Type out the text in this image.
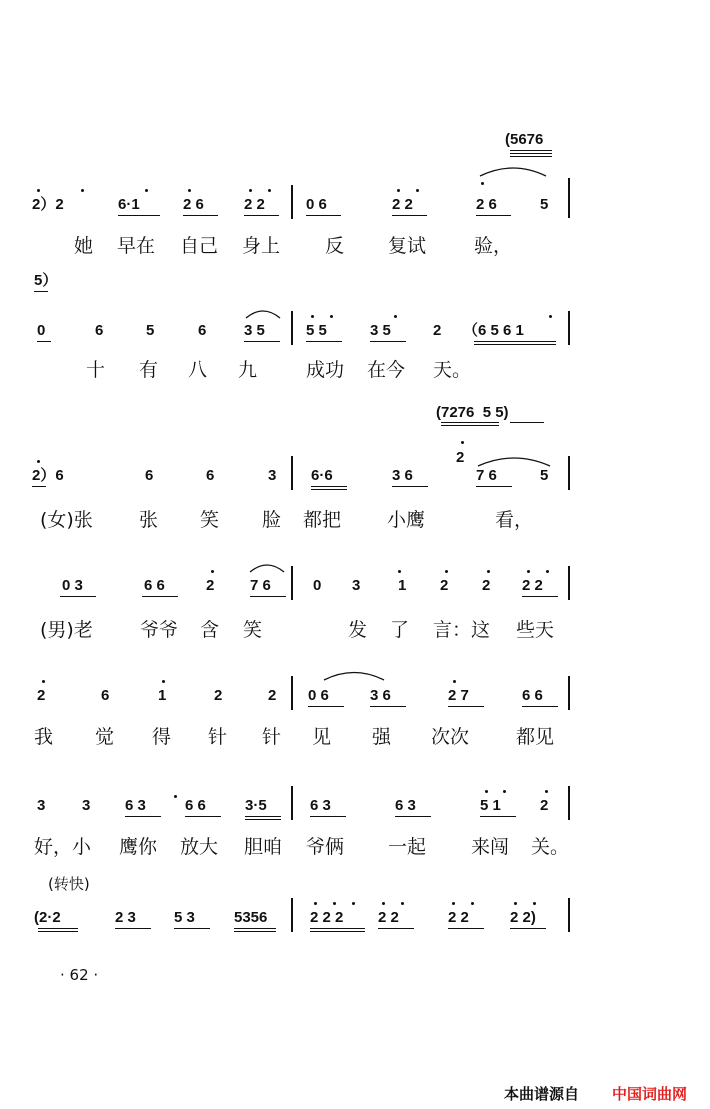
(5676
2）2	6·1	2 6	2 2	0 6	2 2	2 6	5
她 早在 自己 身上 反 复试	验，
5）
0	6	5	6	3 5	5 5	3 5	2 （6 5 6 1
十 有 八 九	成功 在今 天。
(7276  5 5)
2）6	6	6	3 6·6	3 6
2
7 6	5
(女)张 张 笑 脸 都把 小鹰	看，
0 3	6 6	2 7 6	0 3	1 2 2 2 2
(男)老 爷爷 含 笑	发 了 言：这 些天
2	6	1	2	2 0 6	3 6	2 7	6 6
我 觉 得 针 针 见 强 次次 都见
3 3 6 3	6 6	3·5	6 3	6 3	5 1	2
好，小 鹰你 放大 胆咱 爷俩 一起 来闯 关。
(转快)
(2·2	2 3	5 3	5356	2 2 2 2 2	2 2	2 2)
· 62 ·
本曲谱源自 中国词曲网
